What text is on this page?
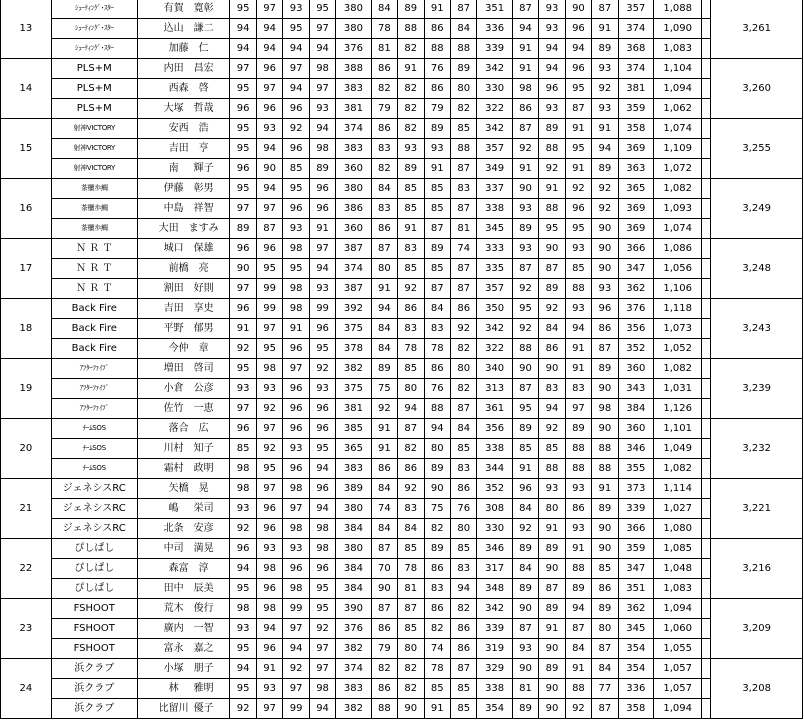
13	ｼｭｰﾃｨﾝｸﾞ･ｽﾀｰ	有賀 寛彰	95	97	93	95	380	84	89	91	87	351	87	93	90	87	357	1,088		3,261
	ｼｭｰﾃｨﾝｸﾞ･ｽﾀｰ	込山 謙二	94	94	95	97	380	78	88	86	84	336	94	93	96	91	374	1,090		
	ｼｭｰﾃｨﾝｸﾞ･ｽﾀｰ	加藤 仁	94	94	94	94	376	81	82	88	88	339	91	94	94	89	368	1,083		
14	PLS+M	内田 昌宏	97	96	97	98	388	86	91	76	89	342	91	94	96	93	374	1,104		3,260
	PLS+M	西森 啓	95	97	94	97	383	82	82	86	80	330	98	96	95	92	381	1,094		
	PLS+M	大塚 哲哉	96	96	96	93	381	79	82	79	82	322	86	93	87	93	359	1,062		
15	射神VICTORY	安西 浩	95	93	92	94	374	86	82	89	85	342	87	89	91	91	358	1,074		3,255
	射神VICTORY	吉田 亨	95	94	96	98	383	83	93	93	88	357	92	88	95	94	369	1,109		
	射神VICTORY	南 輝子	96	90	85	89	360	82	89	91	87	349	91	92	91	89	363	1,072		
16	茶櫃歩鯛	伊藤 彰男	95	94	95	96	380	84	85	85	83	337	90	91	92	92	365	1,082		3,249
	茶櫃歩鯛	中島 祥智	97	97	96	96	386	83	85	85	87	338	93	88	96	92	369	1,093		
	茶櫃歩鯛	大田 ますみ	89	87	93	91	360	86	91	87	81	345	89	95	95	90	369	1,074		
17	Ｎ Ｒ Ｔ	城口 保雄	96	96	98	97	387	87	83	89	74	333	93	90	93	90	366	1,086		3,248
	Ｎ Ｒ Ｔ	前橋 亮	90	95	95	94	374	80	85	85	87	335	87	87	85	90	347	1,056		
	Ｎ Ｒ Ｔ	割田 好則	97	99	98	93	387	91	92	87	87	357	92	89	88	93	362	1,106		
18	Back Fire	吉田 享史	96	99	98	99	392	94	86	84	86	350	95	92	93	96	376	1,118		3,243
	Back Fire	平野 郁男	91	97	91	96	375	84	83	83	92	342	92	84	94	86	356	1,073		
	Back Fire	今仲 章	92	95	96	95	378	84	78	78	82	322	88	86	91	87	352	1,052		
19	ｱﾌﾀｰﾌｧｲﾌﾞ	増田 啓司	95	98	97	92	382	89	85	86	80	340	90	90	91	89	360	1,082		3,239
	ｱﾌﾀｰﾌｧｲﾌﾞ	小倉 公彦	93	93	96	93	375	75	80	76	82	313	87	83	83	90	343	1,031		
	ｱﾌﾀｰﾌｧｲﾌﾞ	佐竹 一恵	97	92	96	96	381	92	94	88	87	361	95	94	97	98	384	1,126		
20	ﾁｰﾑSOS	落合 広	96	97	96	96	385	91	87	94	84	356	89	92	89	90	360	1,101		3,232
	ﾁｰﾑSOS	川村 知子	85	92	93	95	365	91	82	80	85	338	85	85	88	88	346	1,049		
	ﾁｰﾑSOS	霜村 政明	98	95	96	94	383	86	86	89	83	344	91	88	88	88	355	1,082		
21	ジェネシスRC	矢橋 晃	98	97	98	96	389	84	92	90	86	352	96	93	93	91	373	1,114		3,221
	ジェネシスRC	嶋 栄司	93	96	97	94	380	74	83	75	76	308	84	80	86	89	339	1,027		
	ジェネシスRC	北条 安彦	92	96	98	98	384	84	84	82	80	330	92	91	93	90	366	1,080		
22	ぴしぱし	中司 満晃	96	93	93	98	380	87	85	89	85	346	89	89	91	90	359	1,085		3,216
	ぴしぱし	森富 淳	94	98	96	96	384	70	78	86	83	317	84	90	88	85	347	1,048		
	ぴしぱし	田中 辰美	95	96	98	95	384	90	81	83	94	348	89	87	89	86	351	1,083		
23	FSHOOT	荒木 俊行	98	98	99	95	390	87	87	86	82	342	90	89	94	89	362	1,094		3,209
	FSHOOT	廣内 一智	93	94	97	92	376	86	85	82	86	339	87	91	87	80	345	1,060		
	FSHOOT	富永 嘉之	95	96	94	97	382	79	80	74	86	319	93	90	84	87	354	1,055		
24	浜クラブ	小塚 朋子	94	91	92	97	374	82	82	78	87	329	90	89	91	84	354	1,057		3,208
	浜クラブ	林 雅明	95	93	97	98	383	86	82	85	85	338	81	90	88	77	336	1,057		
	浜クラブ	比留川 優子	92	97	99	94	382	88	90	91	85	354	89	90	92	87	358	1,094		
